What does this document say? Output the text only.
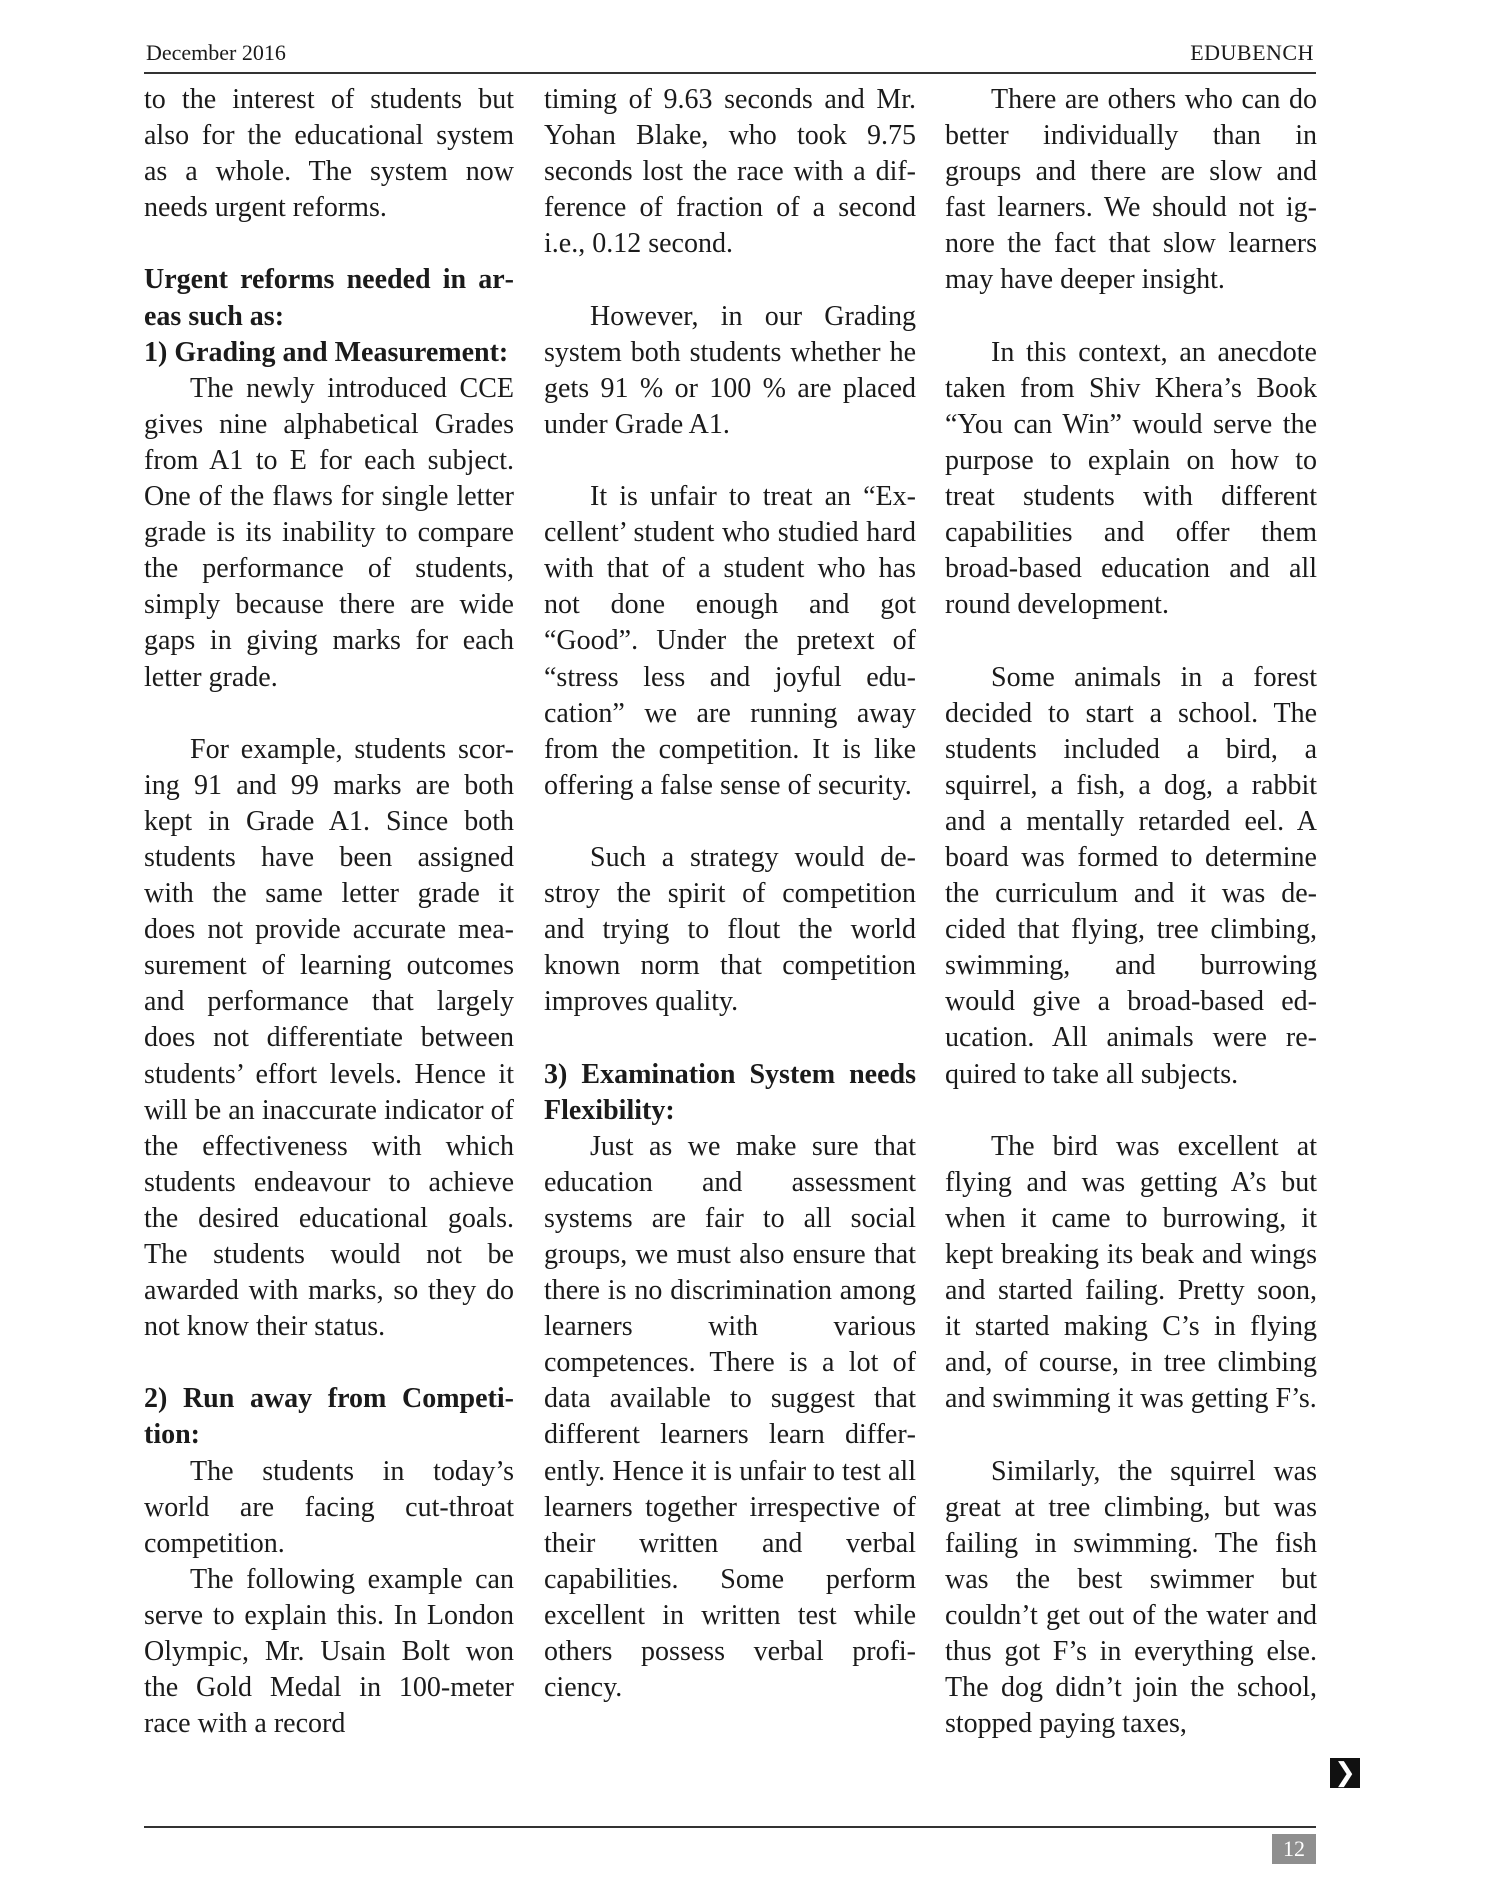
December 2016	EDUBENCH

to the interest of students but also for the educational system as a whole. The system now needs urgent reforms.

Urgent reforms needed in areas such as:

1) Grading and Measurement:

The newly introduced CCE gives nine alphabetical Grades from A1 to E for each subject. One of the flaws for single letter grade is its inability to compare the performance of students, simply because there are wide gaps in giving marks for each letter grade.

For example, students scoring 91 and 99 marks are both kept in Grade A1. Since both students have been assigned with the same letter grade it does not provide accurate measurement of learning outcomes and performance that largely does not differentiate between students’ effort levels. Hence it will be an inaccurate indicator of the effectiveness with which students endeavour to achieve the desired educational goals. The students would not be awarded with marks, so they do not know their status.

2) Run away from Competition:

The students in today’s world are facing cut-throat competition.

The following example can serve to explain this. In London Olympic, Mr. Usain Bolt won the Gold Medal in 100-meter race with a record

timing of 9.63 seconds and Mr. Yohan Blake, who took 9.75 seconds lost the race with a difference of fraction of a second i.e., 0.12 second.

However, in our Grading system both students whether he gets 91 % or 100 % are placed under Grade A1.

It is unfair to treat an “Excellent’ student who studied hard with that of a student who has not done enough and got “Good”. Under the pretext of “stress less and joyful education” we are running away from the competition. It is like offering a false sense of security.

Such a strategy would destroy the spirit of competition and trying to flout the world known norm that competition improves quality.

3) Examination System needs Flexibility:

Just as we make sure that education and assessment systems are fair to all social groups, we must also ensure that there is no discrimination among learners with various competences. There is a lot of data available to suggest that different learners learn differently. Hence it is unfair to test all learners together irrespective of their written and verbal capabilities. Some perform excellent in written test while others possess verbal proficiency.

There are others who can do better individually than in groups and there are slow and fast learners. We should not ignore the fact that slow learners may have deeper insight.

In this context, an anecdote taken from Shiv Khera’s Book “You can Win” would serve the purpose to explain on how to treat students with different capabilities and offer them broad-based education and all round development.

Some animals in a forest decided to start a school. The students included a bird, a squirrel, a fish, a dog, a rabbit and a mentally retarded eel. A board was formed to determine the curriculum and it was decided that flying, tree climbing, swimming, and burrowing would give a broad-based education. All animals were required to take all subjects.

The bird was excellent at flying and was getting A’s but when it came to burrowing, it kept breaking its beak and wings and started failing. Pretty soon, it started making C’s in flying and, of course, in tree climbing and swimming it was getting F’s.

Similarly, the squirrel was great at tree climbing, but was failing in swimming. The fish was the best swimmer but couldn’t get out of the water and thus got F’s in everything else. The dog didn’t join the school, stopped paying taxes,

❯
12
